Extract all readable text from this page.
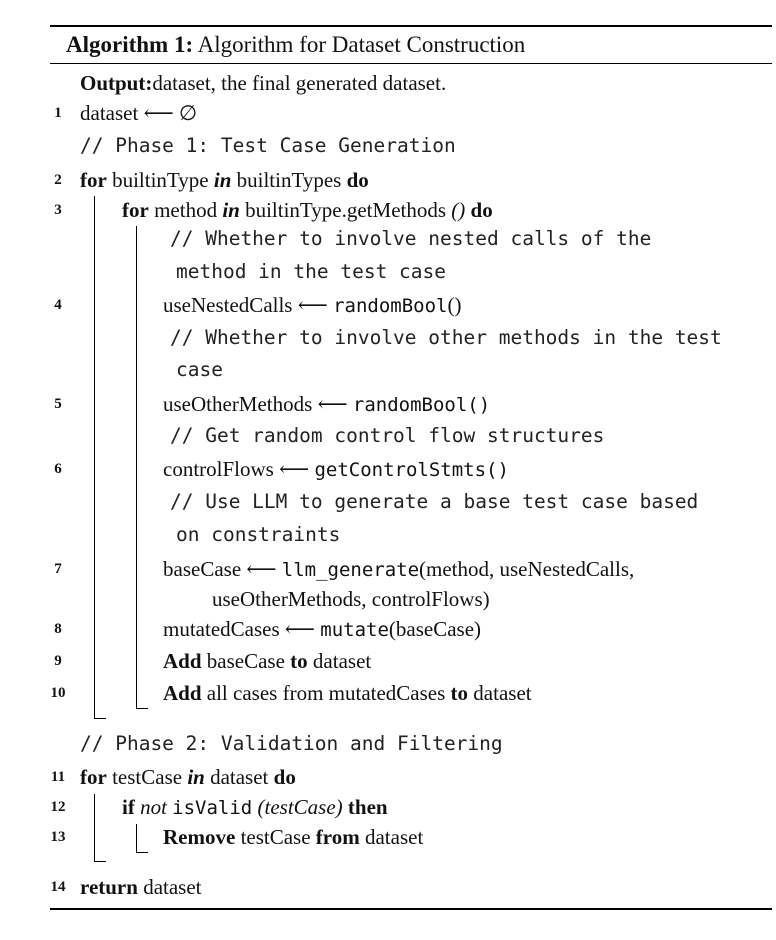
Algorithm 1: Algorithm for Dataset Construction
Output:dataset, the final generated dataset.
1 dataset ⟵ ∅
// Phase 1: Test Case Generation
2 for builtinType in builtinTypes do
3	for method in builtinType.getMethods () do
// Whether to involve nested calls of the
method in the test case
4	useNestedCalls ⟵ randomBool()
// Whether to involve other methods in the test
case
5	useOtherMethods ⟵ randomBool()
// Get random control flow structures
6	controlFlows ⟵ getControlStmts()
// Use LLM to generate a base test case based
on constraints
7	baseCase ⟵ llm_generate(method, useNestedCalls,
useOtherMethods, controlFlows)
8	mutatedCases ⟵ mutate(baseCase)
9	Add baseCase to dataset
10	Add all cases from mutatedCases to dataset
// Phase 2: Validation and Filtering
11 for testCase in dataset do
12	if not isValid (testCase) then
13	Remove testCase from dataset
14 return dataset
